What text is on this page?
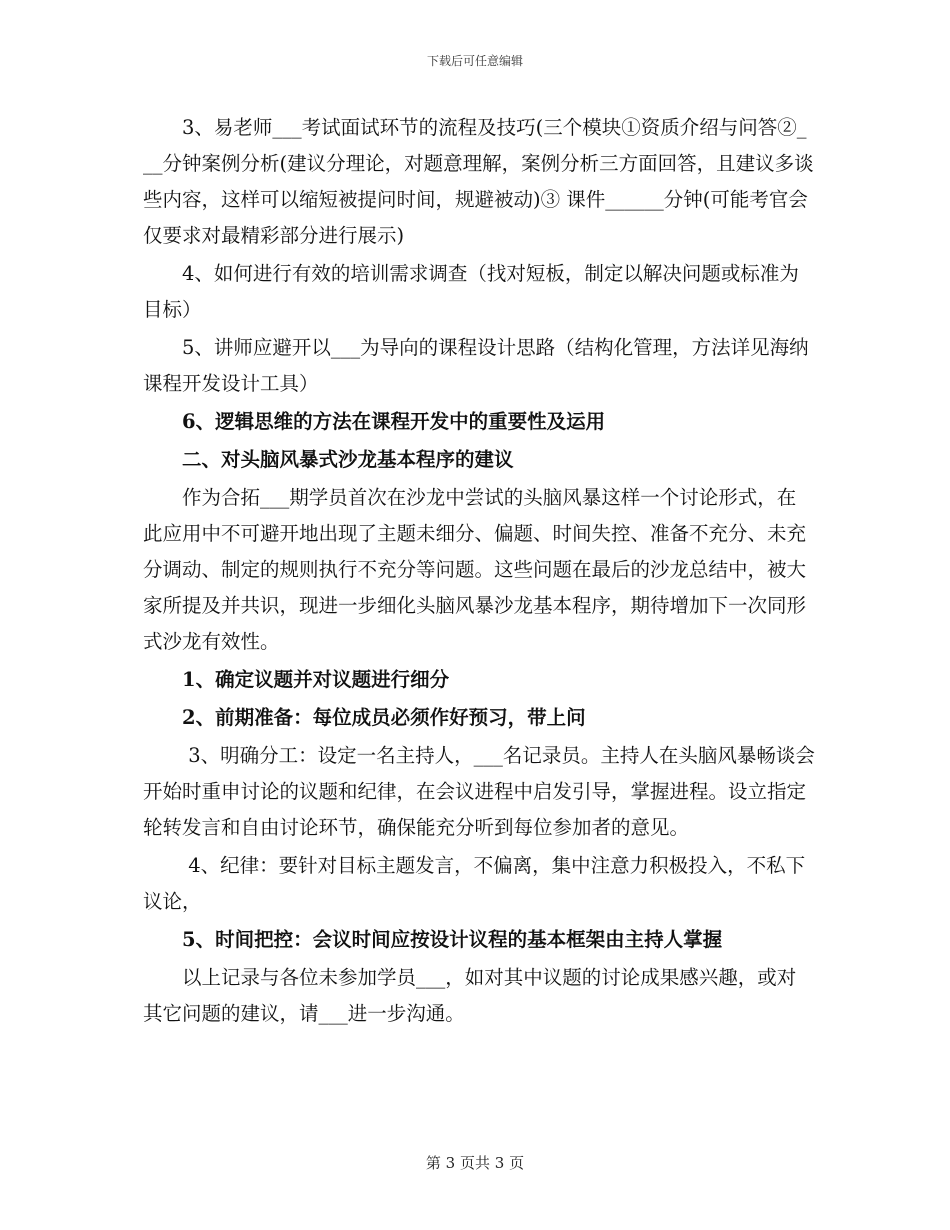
下载后可任意编辑

3、易老师___考试面试环节的流程及技巧(三个模块①资质介绍与问答②___分钟案例分析(建议分理论，对题意理解，案例分析三方面回答，且建议多谈些内容，这样可以缩短被提问时间，规避被动)③ 课件______分钟(可能考官会仅要求对最精彩部分进行展示)

4、如何进行有效的培训需求调查（找对短板，制定以解决问题或标准为目标）

5、讲师应避开以___为导向的课程设计思路（结构化管理，方法详见海纳课程开发设计工具）

6、逻辑思维的方法在课程开发中的重要性及运用

二、对头脑风暴式沙龙基本程序的建议

作为合拓___期学员首次在沙龙中尝试的头脑风暴这样一个讨论形式，在此应用中不可避开地出现了主题未细分、偏题、时间失控、准备不充分、未充分调动、制定的规则执行不充分等问题。这些问题在最后的沙龙总结中，被大家所提及并共识，现进一步细化头脑风暴沙龙基本程序，期待增加下一次同形式沙龙有效性。

1、确定议题并对议题进行细分

2、前期准备：每位成员必须作好预习，带上问

3、明确分工：设定一名主持人，___名记录员。主持人在头脑风暴畅谈会开始时重申讨论的议题和纪律，在会议进程中启发引导，掌握进程。设立指定轮转发言和自由讨论环节，确保能充分听到每位参加者的意见。

4、纪律：要针对目标主题发言，不偏离，集中注意力积极投入，不私下议论，

5、时间把控：会议时间应按设计议程的基本框架由主持人掌握

以上记录与各位未参加学员___，如对其中议题的讨论成果感兴趣，或对其它问题的建议，请___进一步沟通。

第 3 页共 3 页
